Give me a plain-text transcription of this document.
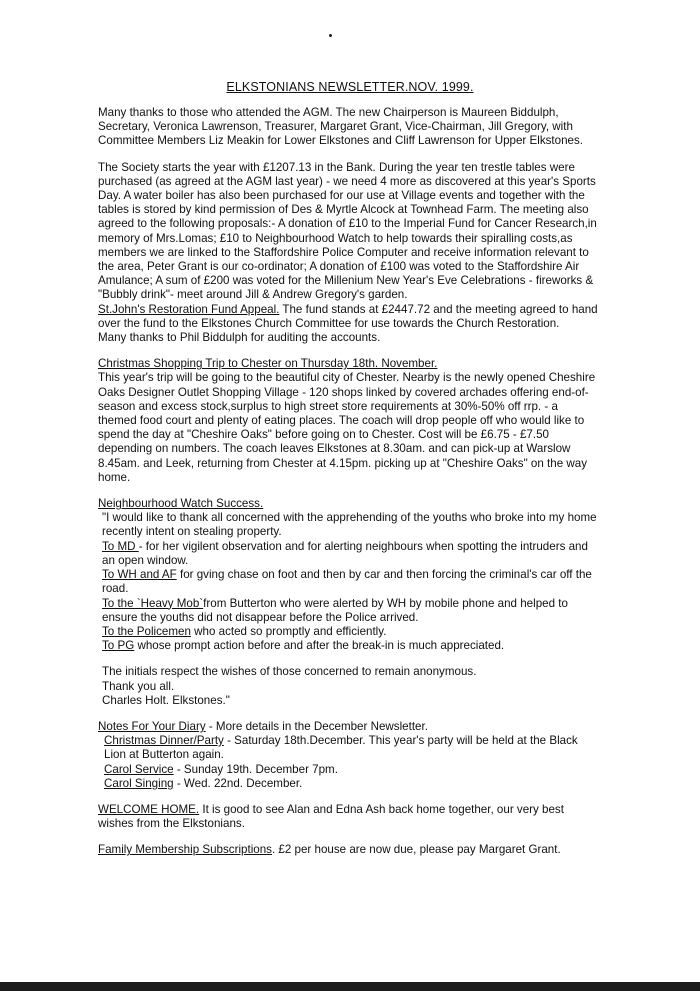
ELKSTONIANS NEWSLETTER.NOV. 1999.

Many thanks to those who attended the AGM. The new Chairperson is Maureen Biddulph, Secretary, Veronica Lawrenson, Treasurer, Margaret Grant, Vice-Chairman, Jill Gregory, with Committee Members Liz Meakin for Lower Elkstones and Cliff Lawrenson for Upper Elkstones.

The Society starts the year with £1207.13 in the Bank. During the year ten trestle tables were purchased (as agreed at the AGM last year) - we need 4 more as discovered at this year's Sports Day. A water boiler has also been purchased for our use at Village events and together with the tables is stored by kind permission of Des & Myrtle Alcock at Townhead Farm. The meeting also agreed to the following proposals:- A donation of £10 to the Imperial Fund for Cancer Research,in memory of Mrs.Lomas; £10 to Neighbourhood Watch to help towards their spiralling costs,as members we are linked to the Staffordshire Police Computer and receive information relevant to the area, Peter Grant is our co-ordinator; A donation of £100 was voted to the Staffordshire Air Amulance; A sum of £200 was voted for the Millenium New Year's Eve Celebrations - fireworks & "Bubbly drink"- meet around Jill & Andrew Gregory's garden.

St.John's Restoration Fund Appeal. The fund stands at £2447.72 and the meeting agreed to hand over the fund to the Elkstones Church Committee for use towards the Church Restoration.

Many thanks to Phil Biddulph for auditing the accounts.

Christmas Shopping Trip to Chester on Thursday 18th. November.

This year's trip will be going to the beautiful city of Chester. Nearby is the newly opened Cheshire Oaks Designer Outlet Shopping Village - 120 shops linked by covered archades offering end-of-season and excess stock,surplus to high street store requirements at 30%-50% off rrp. - a themed food court and plenty of eating places. The coach will drop people off who would like to spend the day at "Cheshire Oaks" before going on to Chester. Cost will be £6.75 - £7.50 depending on numbers. The coach leaves Elkstones at 8.30am. and can pick-up at Warslow 8.45am. and Leek, returning from Chester at 4.15pm. picking up at "Cheshire Oaks" on the way home.

Neighbourhood Watch Success.

"I would like to thank all concerned with the apprehending of the youths who broke into my home recently intent on stealing property.

To MD - for her vigilent observation and for alerting neighbours when spotting the intruders and an open window.

To WH and AF for gving chase on foot and then by car and then forcing the criminal's car off the road.

To the `Heavy Mob`from Butterton who were alerted by WH by mobile phone and helped to ensure the youths did not disappear before the Police arrived.

To the Policemen who acted so promptly and efficiently.

To PG whose prompt action before and after the break-in is much appreciated.

The initials respect the wishes of those concerned to remain anonymous.

Thank you all.

Charles Holt. Elkstones."

Notes For Your Diary - More details in the December Newsletter.

Christmas Dinner/Party - Saturday 18th.December. This year's party will be held at the Black Lion at Butterton again.

Carol Service - Sunday 19th. December 7pm.

Carol Singing - Wed. 22nd. December.

WELCOME HOME. It is good to see Alan and Edna Ash back home together, our very best wishes from the Elkstonians.

Family Membership Subscriptions. £2 per house are now due, please pay Margaret Grant.
